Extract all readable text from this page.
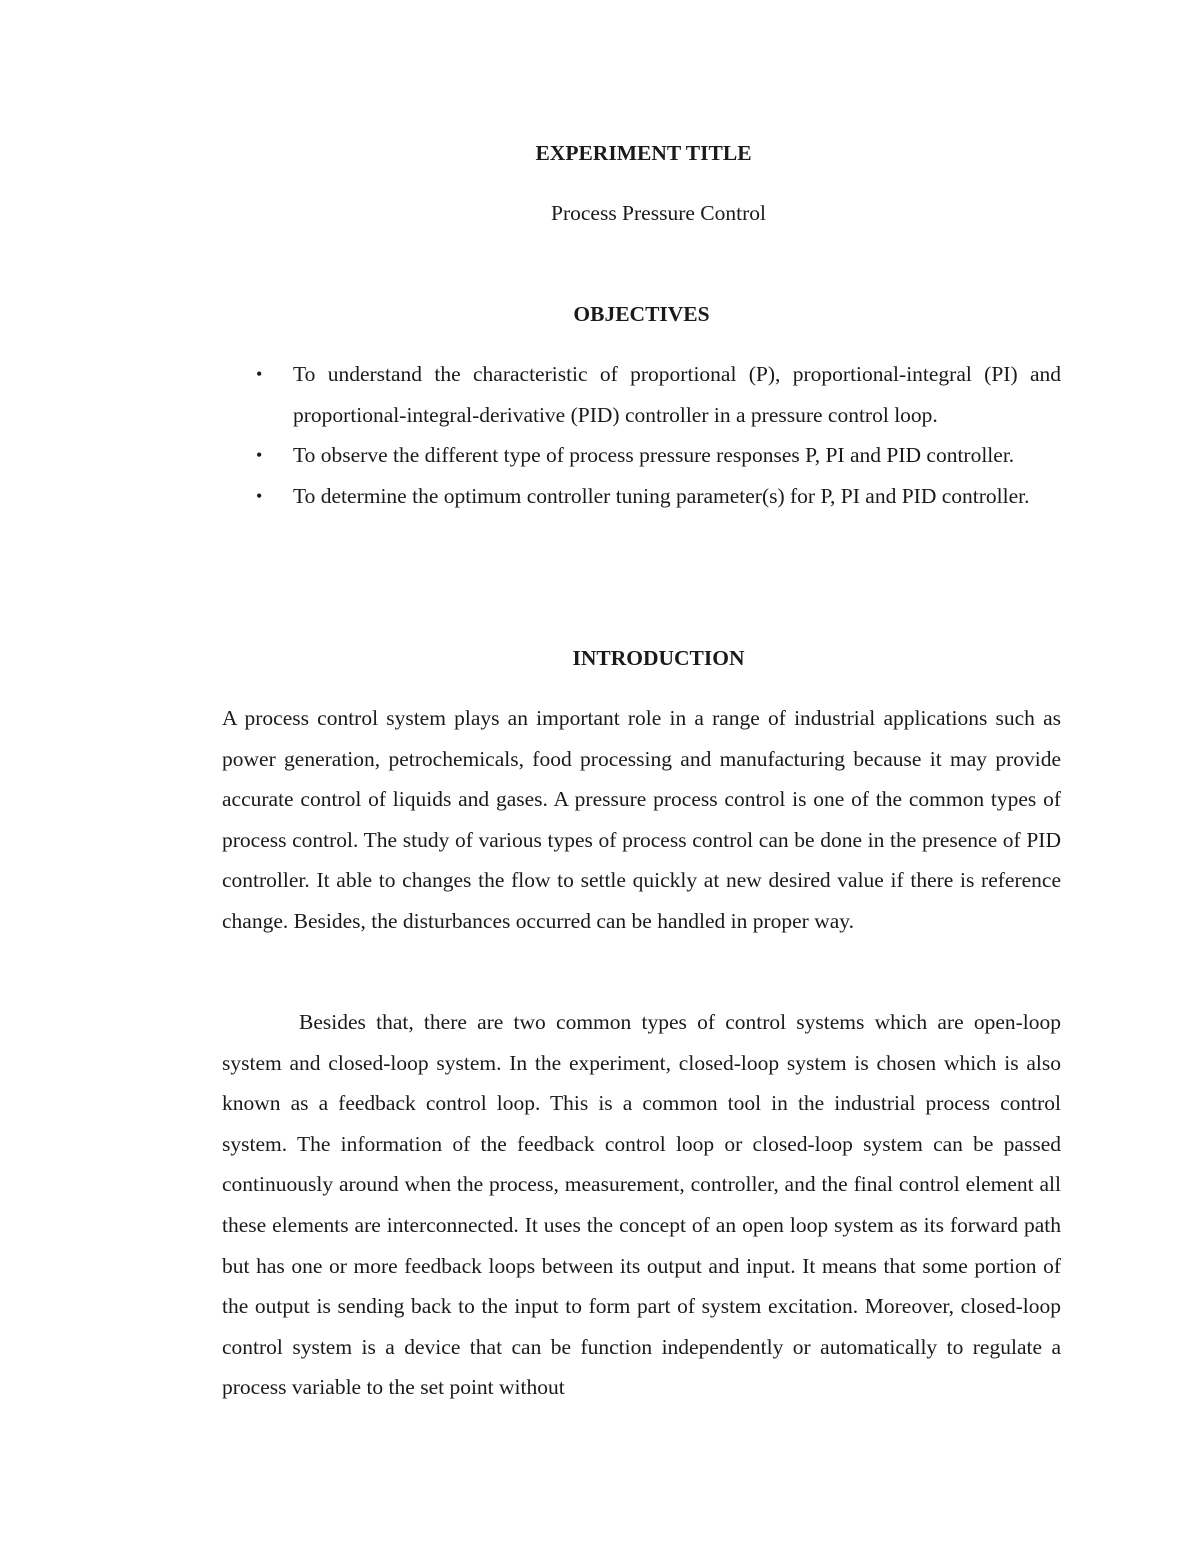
EXPERIMENT TITLE

Process Pressure Control

OBJECTIVES
• To understand the characteristic of proportional (P), proportional-integral (PI) and proportional-integral-derivative (PID) controller in a pressure control loop.
• To observe the different type of process pressure responses P, PI and PID controller.
• To determine the optimum controller tuning parameter(s) for P, PI and PID controller.
INTRODUCTION

A process control system plays an important role in a range of industrial applications such as power generation, petrochemicals, food processing and manufacturing because it may provide accurate control of liquids and gases. A pressure process control is one of the common types of process control. The study of various types of process control can be done in the presence of PID controller. It able to changes the flow to settle quickly at new desired value if there is reference change. Besides, the disturbances occurred can be handled in proper way.

Besides that, there are two common types of control systems which are open-loop system and closed-loop system. In the experiment, closed-loop system is chosen which is also known as a feedback control loop. This is a common tool in the industrial process control system. The information of the feedback control loop or closed-loop system can be passed continuously around when the process, measurement, controller, and the final control element all these elements are interconnected. It uses the concept of an open loop system as its forward path but has one or more feedback loops between its output and input. It means that some portion of the output is sending back to the input to form part of system excitation. Moreover, closed-loop control system is a device that can be function independently or automatically to regulate a process variable to the set point without
